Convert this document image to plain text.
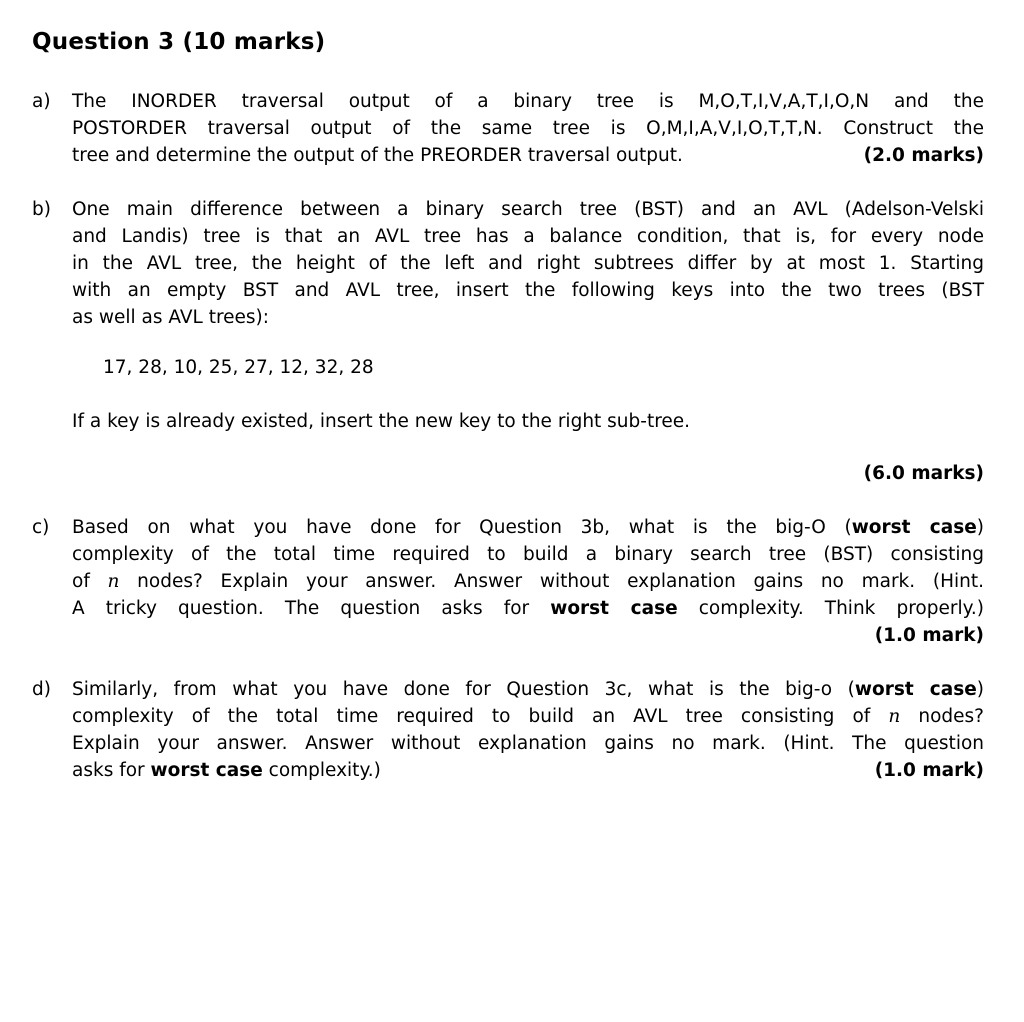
Question 3 (10 marks)
a)	The INORDER traversal output of a binary tree is M,O,T,I,V,A,T,I,O,N and the
POSTORDER traversal output of the same tree is O,M,I,A,V,I,O,T,T,N. Construct the
tree and determine the output of the PREORDER traversal output.	(2.0 marks)
b)	One main difference between a binary search tree (BST) and an AVL (Adelson-Velski
and Landis) tree is that an AVL tree has a balance condition, that is, for every node
in the AVL tree, the height of the left and right subtrees differ by at most 1. Starting
with an empty BST and AVL tree, insert the following keys into the two trees (BST
as well as AVL trees):
17, 28, 10, 25, 27, 12, 32, 28
If a key is already existed, insert the new key to the right sub-tree.
(6.0 marks)
c)	Based on what you have done for Question 3b, what is the big-O (worst case)
complexity of the total time required to build a binary search tree (BST) consisting
of n nodes? Explain your answer. Answer without explanation gains no mark. (Hint.
A tricky question. The question asks for worst case complexity. Think properly.)
(1.0 mark)
d)	Similarly, from what you have done for Question 3c, what is the big-o (worst case)
complexity of the total time required to build an AVL tree consisting of n nodes?
Explain your answer. Answer without explanation gains no mark. (Hint. The question
asks for worst case complexity.)	(1.0 mark)
